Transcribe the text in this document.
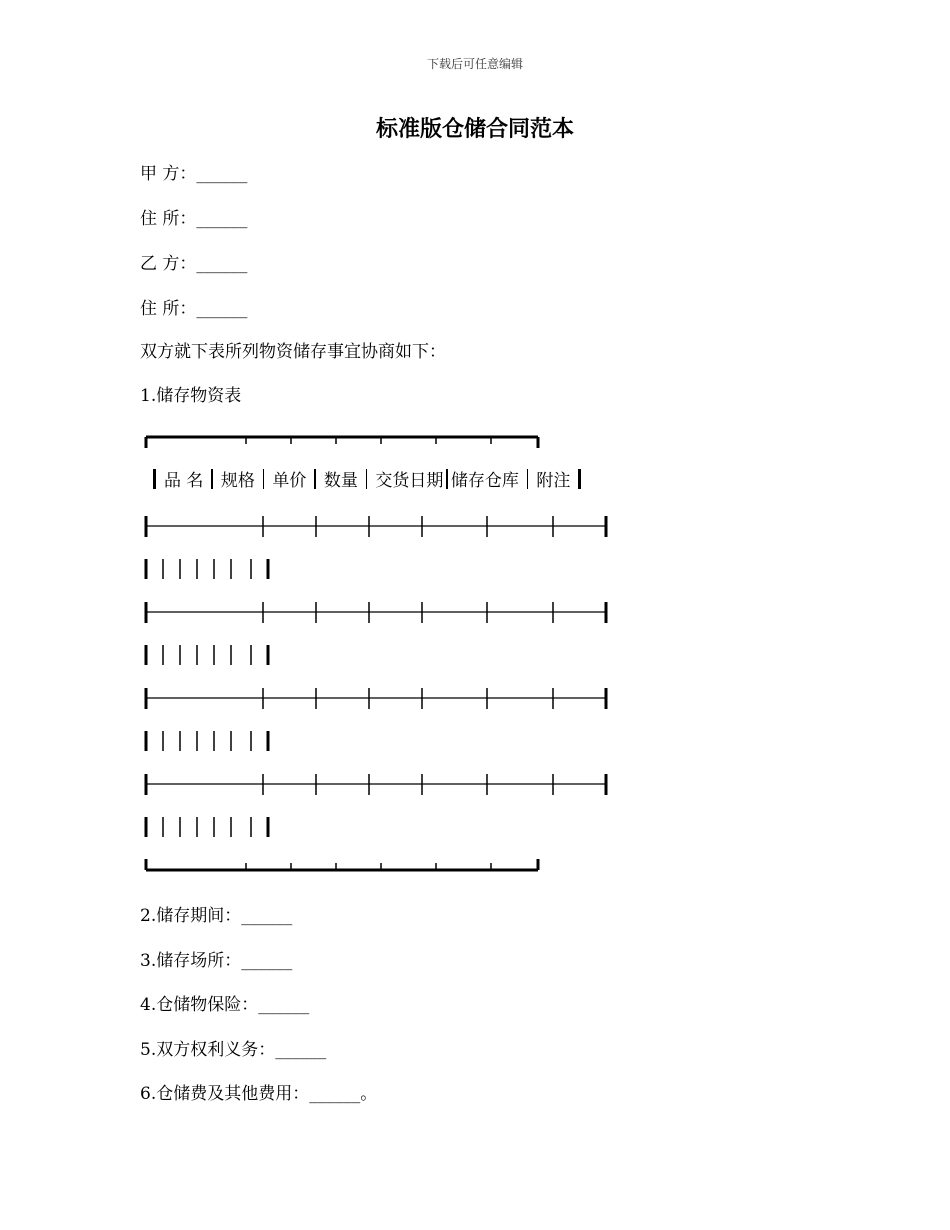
下载后可任意编辑
标准版仓储合同范本
甲 方：______
住 所：______
乙 方：______
住 所：______
双方就下表所列物资储存事宜协商如下：
1.储存物资表
品 名 规格 单价 数量 交货日期 储存仓库 附注
2.储存期间：______
3.储存场所：______
4.仓储物保险：______
5.双方权利义务：______
6.仓储费及其他费用：______。
